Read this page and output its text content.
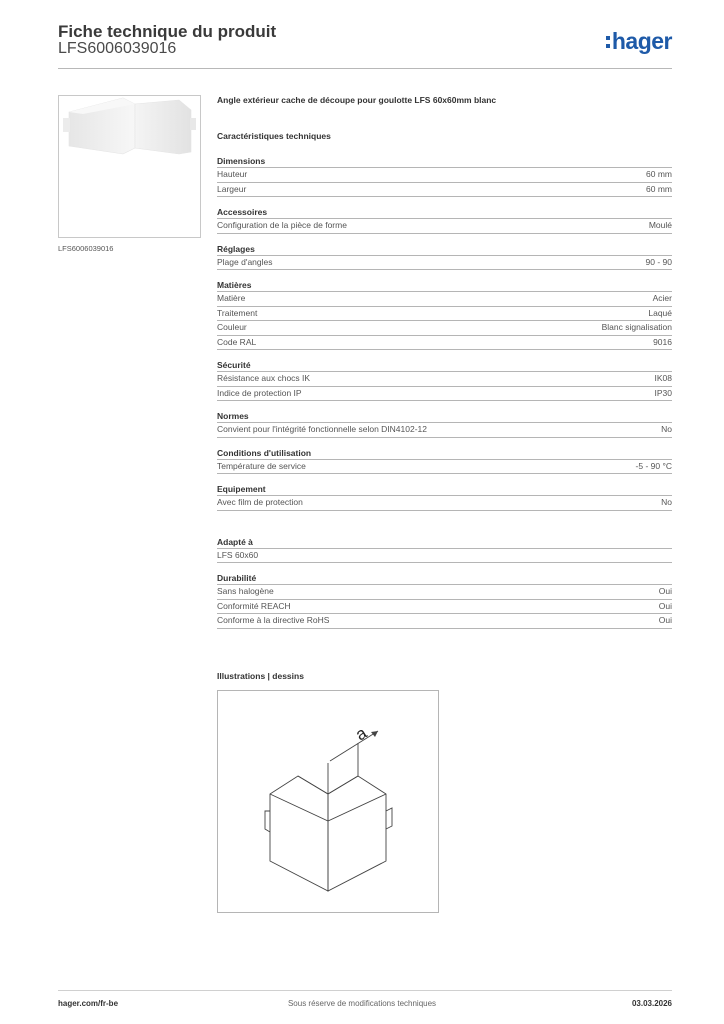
Fiche technique du produit
LFS6006039016	hager
LFS6006039016
Angle extérieur cache de découpe pour goulotte LFS 60x60mm blanc
Caractéristiques techniques
Dimensions
Hauteur	60 mm
Largeur	60 mm
Accessoires
Configuration de la pièce de forme	Moulé
Réglages
Plage d'angles	90 - 90
Matières
Matière	Acier
Traitement	Laqué
Couleur	Blanc signalisation
Code RAL	9016
Sécurité
Résistance aux chocs IK	IK08
Indice de protection IP	IP30
Normes
Convient pour l'intégrité fonctionnelle selon DIN4102-12	No
Conditions d'utilisation
Température de service	-5 - 90 °C
Equipement
Avec film de protection	No
Adapté à
LFS 60x60
Durabilité
Sans halogène	Oui
Conformité REACH	Oui
Conforme à la directive RoHS	Oui
Illustrations | dessins
a
hager.com/fr-be	Sous réserve de modifications techniques	03.03.2026
